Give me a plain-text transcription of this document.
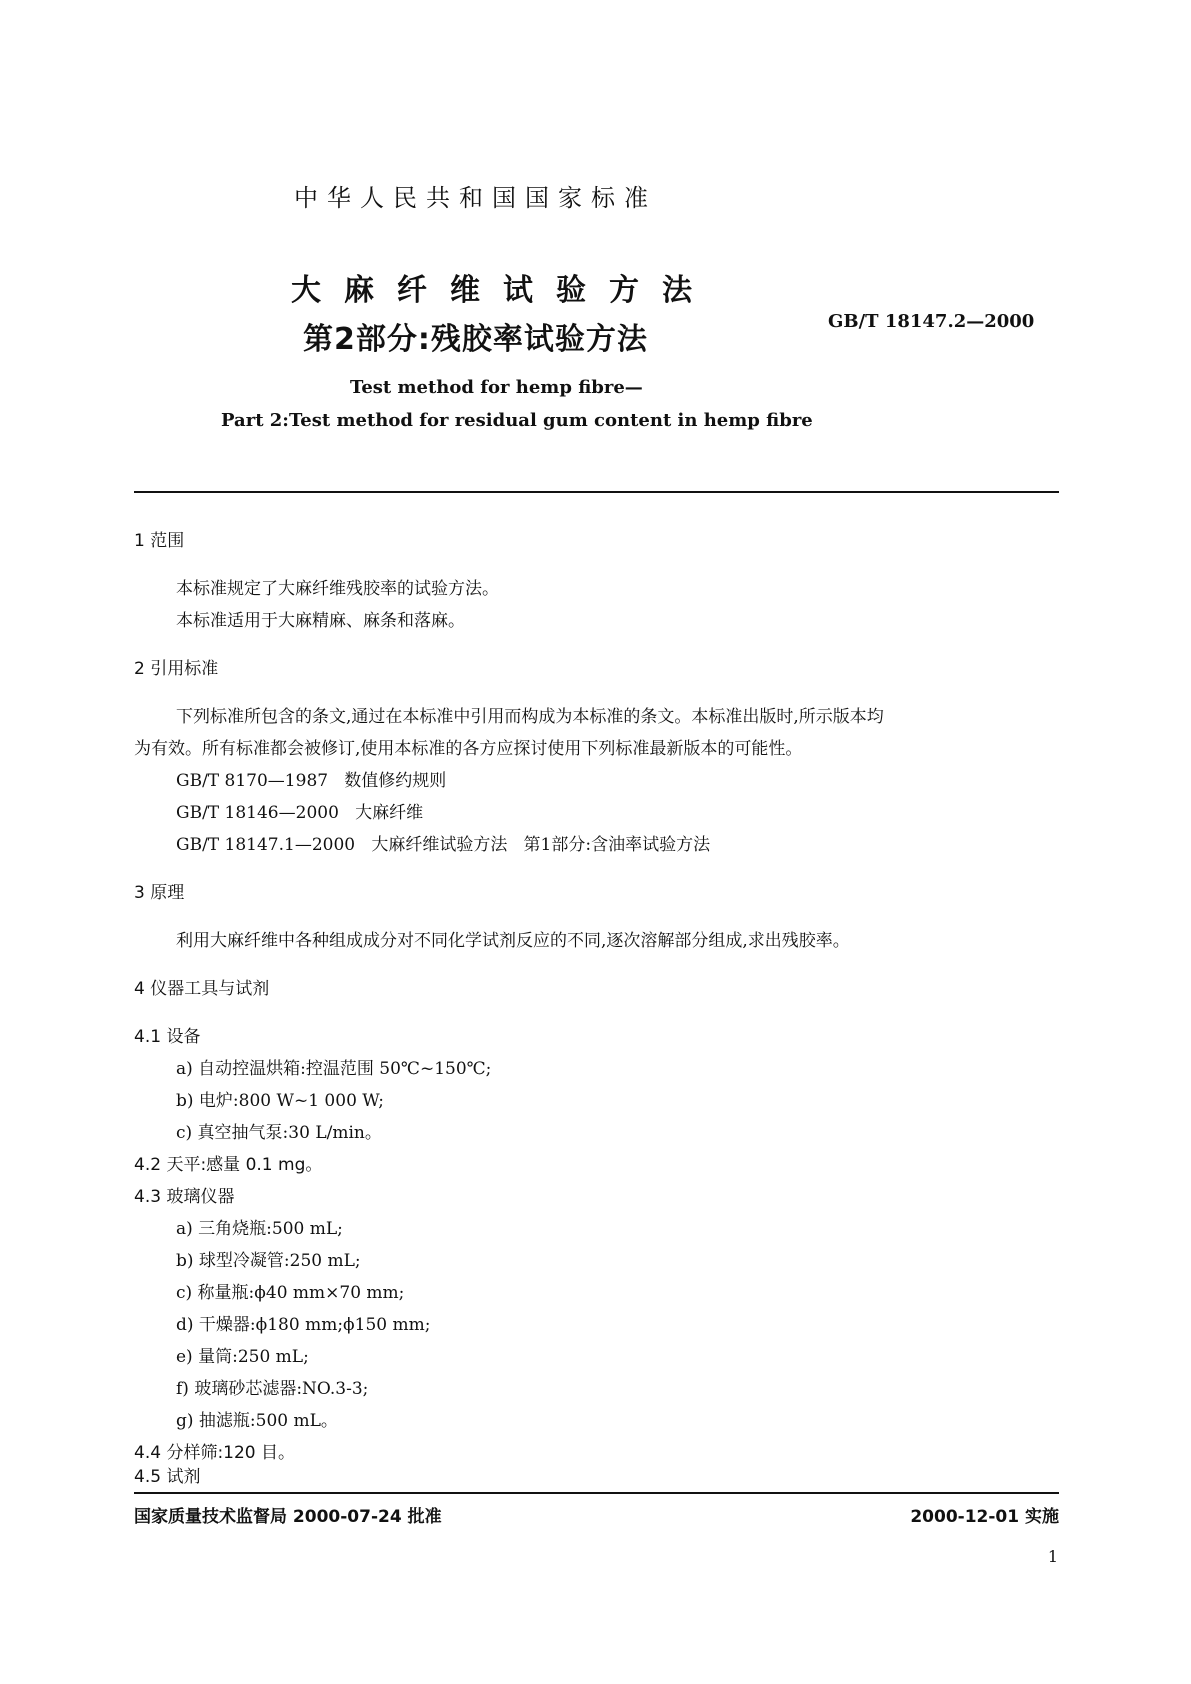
中华人民共和国国家标准
大麻纤维试验方法
第2部分:残胶率试验方法
GB/T 18147.2—2000
Test method for hemp fibre—
Part 2:Test method for residual gum content in hemp fibre
1 范围
本标准规定了大麻纤维残胶率的试验方法。
本标准适用于大麻精麻、麻条和落麻。
2 引用标准
下列标准所包含的条文,通过在本标准中引用而构成为本标准的条文。本标准出版时,所示版本均
为有效。所有标准都会被修订,使用本标准的各方应探讨使用下列标准最新版本的可能性。
GB/T 8170—1987   数值修约规则
GB/T 18146—2000   大麻纤维
GB/T 18147.1—2000   大麻纤维试验方法   第1部分:含油率试验方法
3 原理
利用大麻纤维中各种组成成分对不同化学试剂反应的不同,逐次溶解部分组成,求出残胶率。
4 仪器工具与试剂
4.1 设备
a) 自动控温烘箱:控温范围 50℃~150℃;
b) 电炉:800 W~1 000 W;
c) 真空抽气泵:30 L/min。
4.2 天平:感量 0.1 mg。
4.3 玻璃仪器
a) 三角烧瓶:500 mL;
b) 球型冷凝管:250 mL;
c) 称量瓶:ϕ40 mm×70 mm;
d) 干燥器:ϕ180 mm;ϕ150 mm;
e) 量筒:250 mL;
f) 玻璃砂芯滤器:NO.3-3;
g) 抽滤瓶:500 mL。
4.4 分样筛:120 目。
4.5 试剂
国家质量技术监督局 2000-07-24 批准	2000-12-01 实施
1
